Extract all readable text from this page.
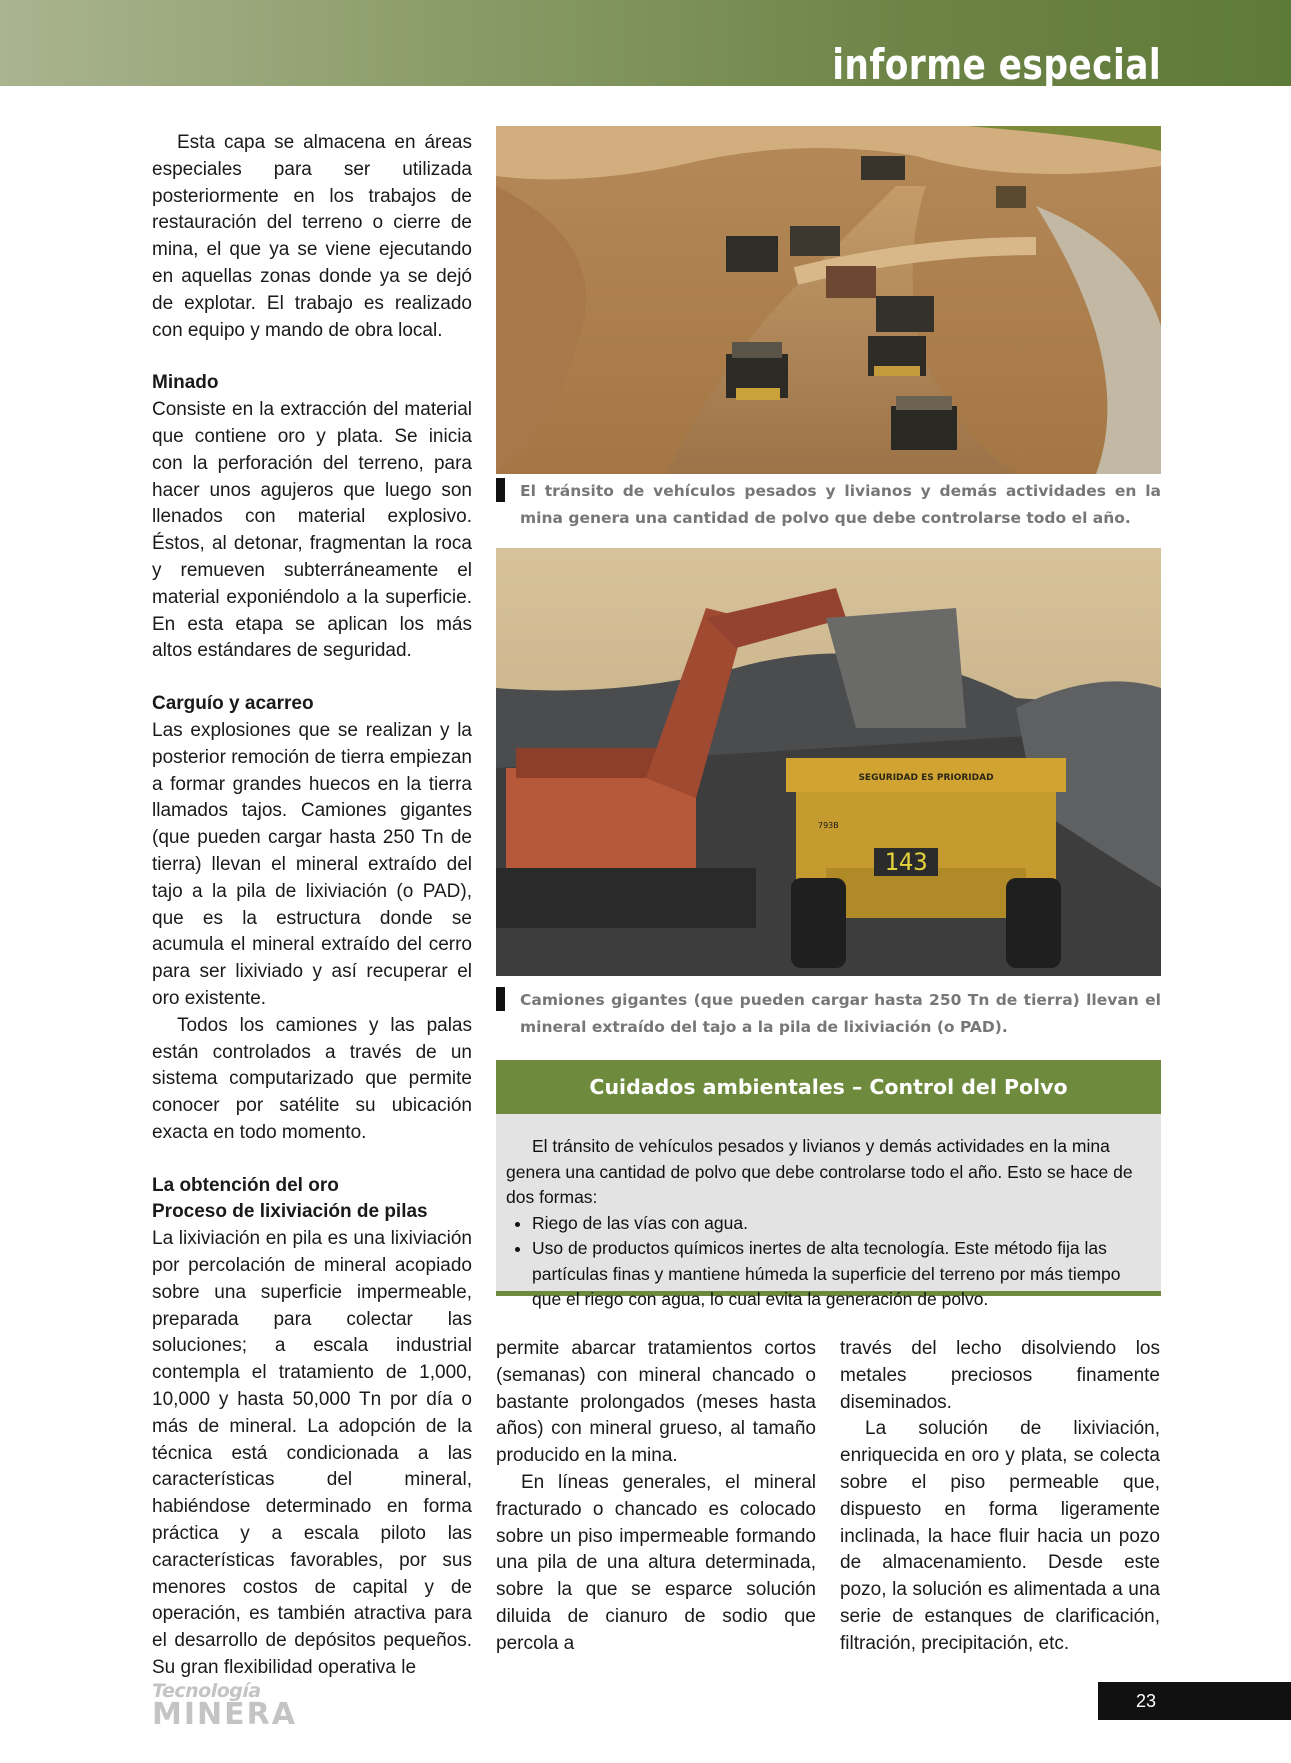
informe especial

Esta capa se almacena en áreas especiales para ser utilizada posteriormente en los trabajos de restauración del terreno o cierre de mina, el que ya se viene ejecutando en aquellas zonas donde ya se dejó de explotar. El trabajo es realizado con equipo y mando de obra local.

Minado

Consiste en la extracción del material que contiene oro y plata. Se inicia con la perforación del terreno, para hacer unos agujeros que luego son llenados con material explosivo. Éstos, al detonar, fragmentan la roca y remueven subterráneamente el material exponiéndolo a la superficie. En esta etapa se aplican los más altos estándares de seguridad.

Carguío y acarreo

Las explosiones que se realizan y la posterior remoción de tierra empiezan a formar grandes huecos en la tierra llamados tajos. Camiones gigantes (que pueden cargar hasta 250 Tn de tierra) llevan el mineral extraído del tajo a la pila de lixiviación (o PAD), que es la estructura donde se acumula el mineral extraído del cerro para ser lixiviado y así recuperar el oro existente.

Todos los camiones y las palas están controlados a través de un sistema computarizado que permite conocer por satélite su ubicación exacta en todo momento.

La obtención del oro
Proceso de lixiviación de pilas

La lixiviación en pila es una lixiviación por percolación de mineral acopiado sobre una superficie impermeable, preparada para colectar las soluciones; a escala industrial contempla el tratamiento de 1,000, 10,000 y hasta 50,000 Tn por día o más de mineral. La adopción de la técnica está condicionada a las características del mineral, habiéndose determinado en forma práctica y a escala piloto las características favorables, por sus menores costos de capital y de operación, es también atractiva para el desarrollo de depósitos pequeños. Su gran flexibilidad operativa le

El tránsito de vehículos pesados y livianos y demás actividades en la mina genera una cantidad de polvo que debe controlarse todo el año.
143
SEGURIDAD ES PRIORIDAD
793B
Camiones gigantes (que pueden cargar hasta 250 Tn de tierra) llevan el mineral extraído del tajo a la pila de lixiviación (o PAD).
Cuidados ambientales – Control del Polvo

El tránsito de vehículos pesados y livianos y demás actividades en la mina genera una cantidad de polvo que debe controlarse todo el año. Esto se hace de dos formas:

• Riego de las vías con agua.
• Uso de productos químicos inertes de alta tecnología. Este método fija las partículas finas y mantiene húmeda la superficie del terreno por más tiempo que el riego con agua, lo cual evita la generación de polvo.

permite abarcar tratamientos cortos (semanas) con mineral chancado o bastante prolongados (meses hasta años) con mineral grueso, al tamaño producido en la mina.

En líneas generales, el mineral fracturado o chancado es colocado sobre un piso impermeable formando una pila de una altura determinada, sobre la que se esparce solución diluida de cianuro de sodio que percola a

través del lecho disolviendo los metales preciosos finamente diseminados.

La solución de lixiviación, enriquecida en oro y plata, se colecta sobre el piso permeable que, dispuesto en forma ligeramente inclinada, la hace fluir hacia un pozo de almacenamiento. Desde este pozo, la solución es alimentada a una serie de estanques de clarificación, filtración, precipitación, etc.

Tecnología
MINERA	23
